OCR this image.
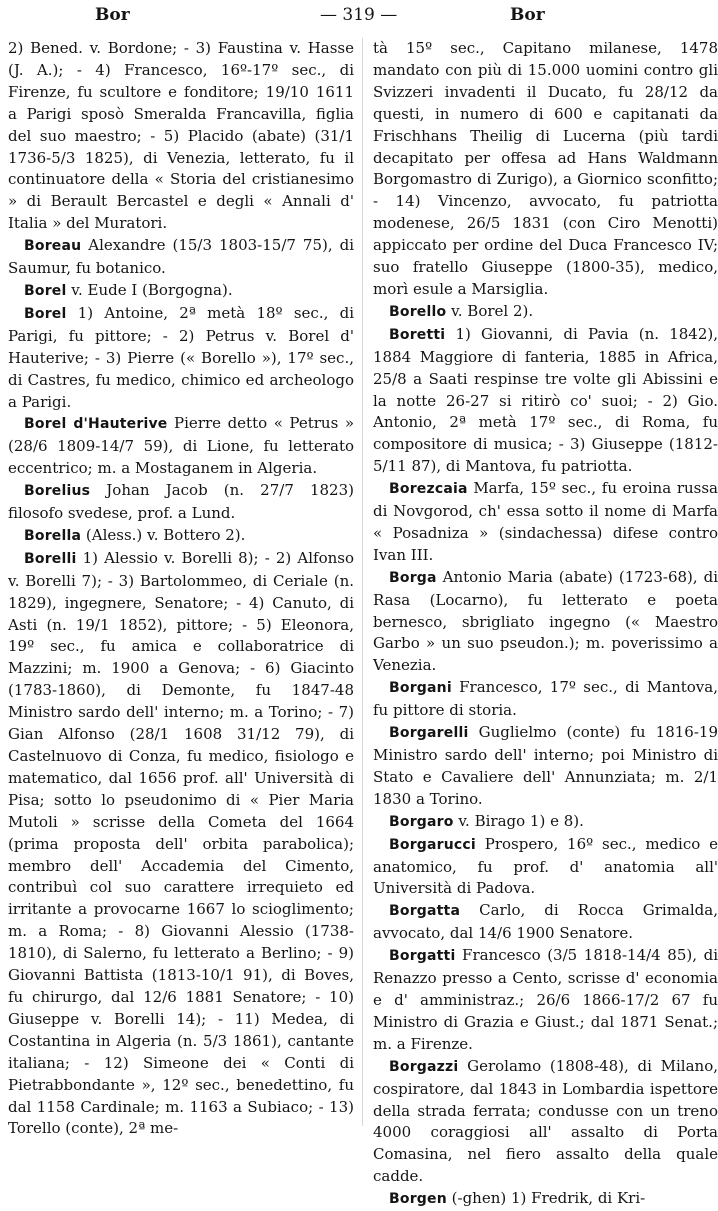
Bor	— 319 —	Bor
2) Bened. v. Bordone; - 3) Faustina v. Hasse (J. A.); - 4) Francesco, 16º-17º sec., di Firenze, fu scultore e fonditore; 19/10 1611 a Parigi sposò Smeralda Francavilla, figlia del suo maestro; - 5) Placido (abate) (31/1 1736-5/3 1825), di Venezia, letterato, fu il continuatore della « Storia del cristianesimo » di Berault Bercastel e degli « Annali d' Italia » del Muratori.
Boreau Alexandre (15/3 1803-15/7 75), di Saumur, fu botanico.
Borel v. Eude I (Borgogna).
Borel 1) Antoine, 2ª metà 18º sec., di Parigi, fu pittore; - 2) Petrus v. Borel d' Hauterive; - 3) Pierre (« Borello »), 17º sec., di Castres, fu medico, chimico ed archeologo a Parigi.
Borel d'Hauterive Pierre detto « Petrus » (28/6 1809-14/7 59), di Lione, fu letterato eccentrico; m. a Mostaganem in Algeria.
Borelius Johan Jacob (n. 27/7 1823) filosofo svedese, prof. a Lund.
Borella (Aless.) v. Bottero 2).
Borelli 1) Alessio v. Borelli 8); - 2) Alfonso v. Borelli 7); - 3) Bartolommeo, di Ceriale (n. 1829), ingegnere, Senatore; - 4) Canuto, di Asti (n. 19/1 1852), pittore; - 5) Eleonora, 19º sec., fu amica e collaboratrice di Mazzini; m. 1900 a Genova; - 6) Giacinto (1783-1860), di Demonte, fu 1847-48 Ministro sardo dell' interno; m. a Torino; - 7) Gian Alfonso (28/1 1608 31/12 79), di Castelnuovo di Conza, fu medico, fisiologo e matematico, dal 1656 prof. all' Università di Pisa; sotto lo pseudonimo di « Pier Maria Mutoli » scrisse della Cometa del 1664 (prima proposta dell' orbita parabolica); membro dell' Accademia del Cimento, contribuì col suo carattere irrequieto ed irritante a provocarne 1667 lo scioglimento; m. a Roma; - 8) Giovanni Alessio (1738-1810), di Salerno, fu letterato a Berlino; - 9) Giovanni Battista (1813-10/1 91), di Boves, fu chirurgo, dal 12/6 1881 Senatore; - 10) Giuseppe v. Borelli 14); - 11) Medea, di Costantina in Algeria (n. 5/3 1861), cantante italiana; - 12) Simeone dei « Conti di Pietrabbondante », 12º sec., benedettino, fu dal 1158 Cardinale; m. 1163 a Subiaco; - 13) Torello (conte), 2ª me-
tà 15º sec., Capitano milanese, 1478 mandato con più di 15.000 uomini contro gli Svizzeri invadenti il Ducato, fu 28/12 da questi, in numero di 600 e capitanati da Frischhans Theilig di Lucerna (più tardi decapitato per offesa ad Hans Waldmann Borgomastro di Zurigo), a Giornico sconfitto; - 14) Vincenzo, avvocato, fu patriotta modenese, 26/5 1831 (con Ciro Menotti) appiccato per ordine del Duca Francesco IV; suo fratello Giuseppe (1800-35), medico, morì esule a Marsiglia.
Borello v. Borel 2).
Boretti 1) Giovanni, di Pavia (n. 1842), 1884 Maggiore di fanteria, 1885 in Africa, 25/8 a Saati respinse tre volte gli Abissini e la notte 26-27 si ritirò co' suoi; - 2) Gio. Antonio, 2ª metà 17º sec., di Roma, fu compositore di musica; - 3) Giuseppe (1812-5/11 87), di Mantova, fu patriotta.
Borezcaia Marfa, 15º sec., fu eroina russa di Novgorod, ch' essa sotto il nome di Marfa « Posadniza » (sindachessa) difese contro Ivan III.
Borga Antonio Maria (abate) (1723-68), di Rasa (Locarno), fu letterato e poeta bernesco, sbrigliato ingegno (« Maestro Garbo » un suo pseudon.); m. poverissimo a Venezia.
Borgani Francesco, 17º sec., di Mantova, fu pittore di storia.
Borgarelli Guglielmo (conte) fu 1816-19 Ministro sardo dell' interno; poi Ministro di Stato e Cavaliere dell' Annunziata; m. 2/1 1830 a Torino.
Borgaro v. Birago 1) e 8).
Borgarucci Prospero, 16º sec., medico e anatomico, fu prof. d' anatomia all' Università di Padova.
Borgatta Carlo, di Rocca Grimalda, avvocato, dal 14/6 1900 Senatore.
Borgatti Francesco (3/5 1818-14/4 85), di Renazzo presso a Cento, scrisse d' economia e d' amministraz.; 26/6 1866-17/2 67 fu Ministro di Grazia e Giust.; dal 1871 Senat.; m. a Firenze.
Borgazzi Gerolamo (1808-48), di Milano, cospiratore, dal 1843 in Lombardia ispettore della strada ferrata; condusse con un treno 4000 coraggiosi all' assalto di Porta Comasina, nel fiero assalto della quale cadde.
Borgen (-ghen) 1) Fredrik, di Kri-
